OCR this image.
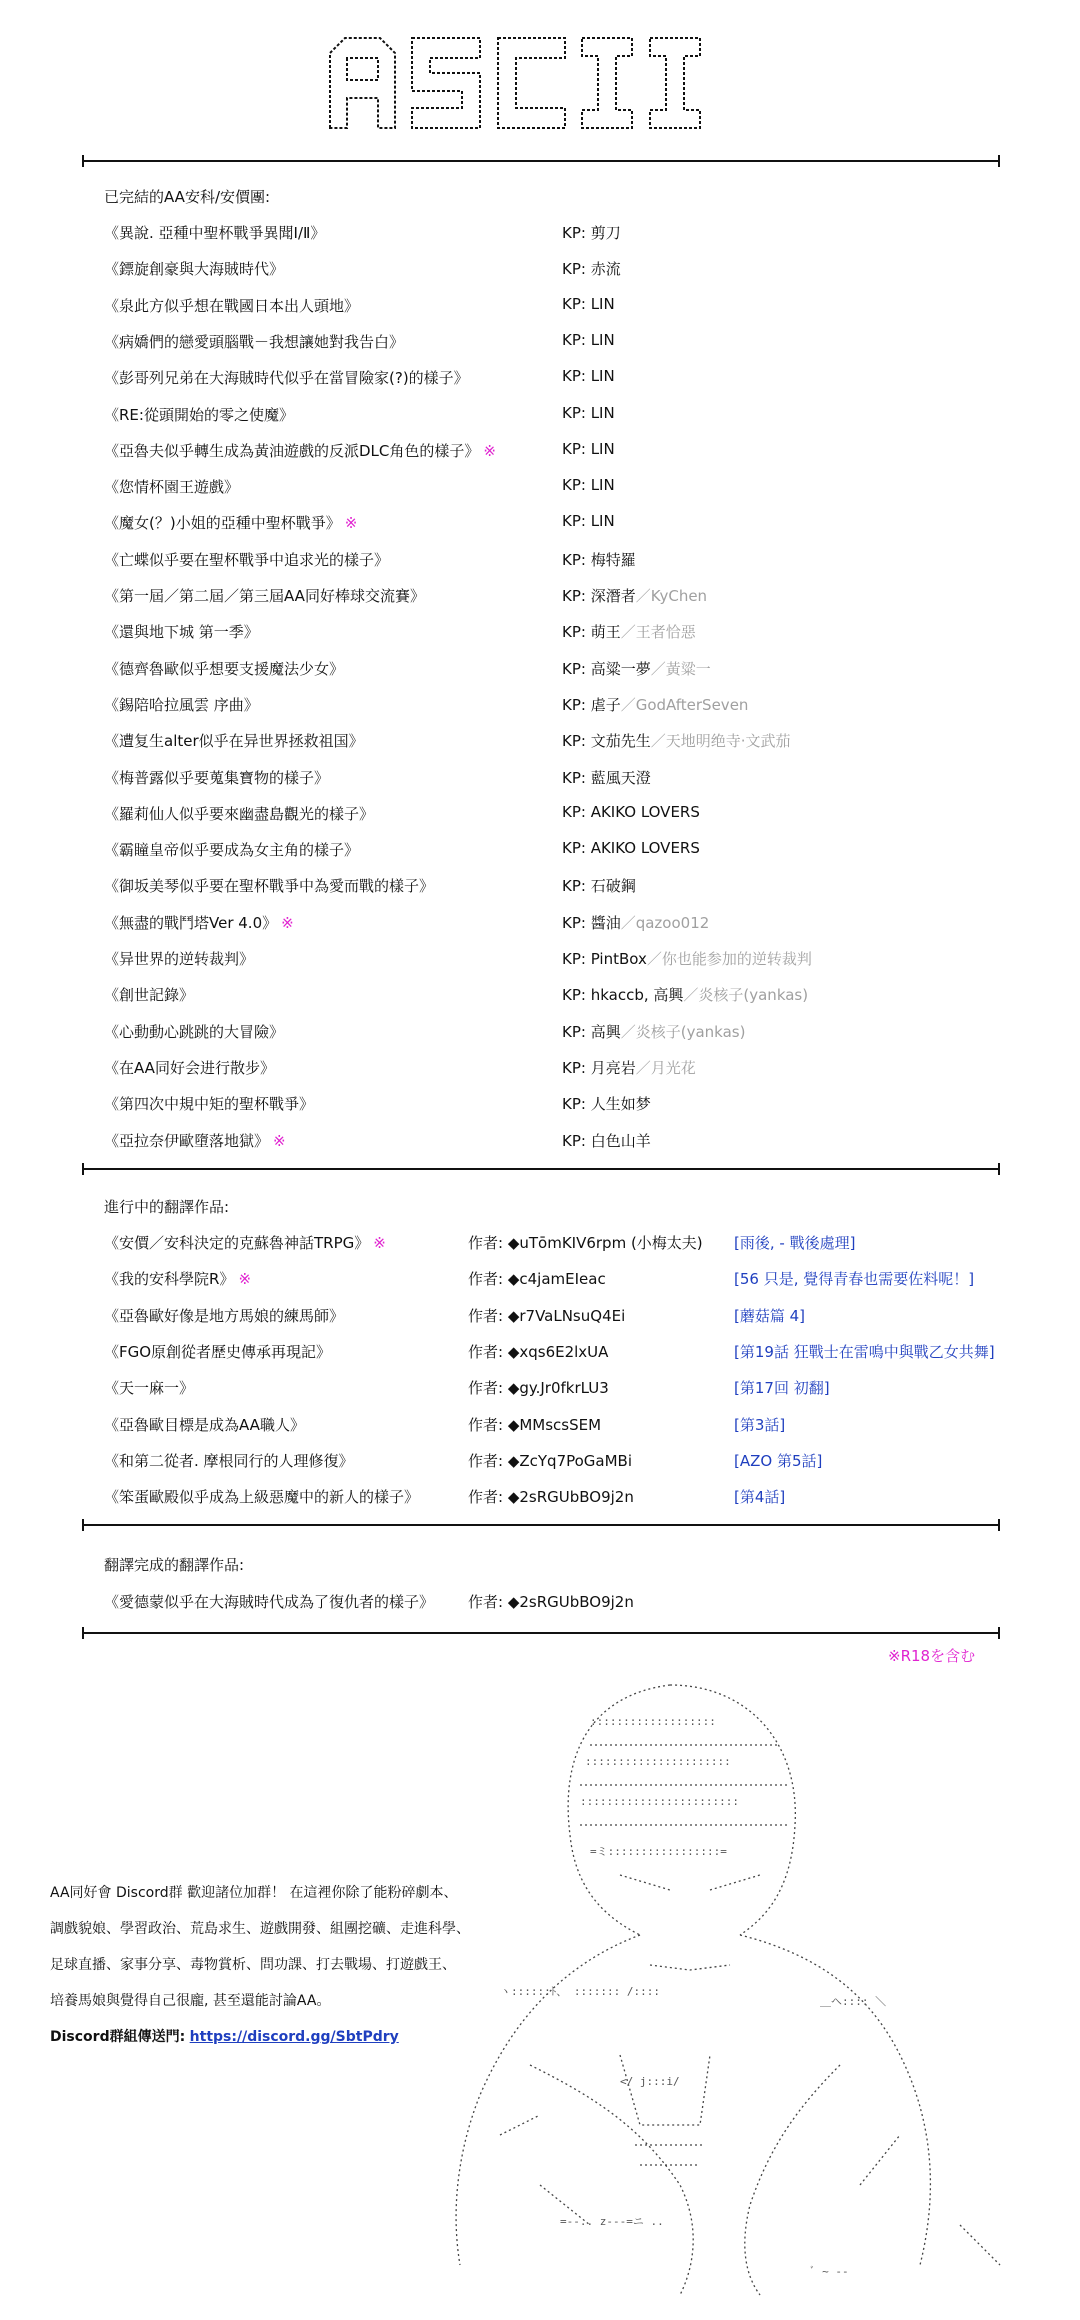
已完結的AA安科/安價團:
《異說. 亞種中聖杯戰爭異聞Ⅰ/Ⅱ》	KP: 剪刀
《鏢旋創豪與大海賊時代》	KP: 赤流
《泉此方似乎想在戰國日本出人頭地》	KP: LIN
《病嬌們的戀愛頭腦戰－我想讓她對我告白》	KP: LIN
《彭哥列兄弟在大海賊時代似乎在當冒險家(?)的樣子》	KP: LIN
《RE:從頭開始的零之使魔》	KP: LIN
《亞魯夫似乎轉生成為黃油遊戲的反派DLC角色的樣子》 ※	KP: LIN
《您情杯園王遊戲》	KP: LIN
《魔女(？)小姐的亞種中聖杯戰爭》 ※	KP: LIN
《亡蝶似乎要在聖杯戰爭中追求光的樣子》	KP: 梅特羅
《第一屆／第二屆／第三屆AA同好棒球交流賽》	KP: 深潛者／KyChen
《還與地下城 第一季》	KP: 萌王／王者恰惡
《德齊魯歐似乎想要支援魔法少女》	KP: 高粱一夢／黃粱一
《錫陪哈拉風雲 序曲》	KP: 虐子／GodAfterSeven
《遭复生alter似乎在异世界拯救祖国》	KP: 文茄先生／天地明绝寺·文武茄
《梅普露似乎要蒐集寶物的樣子》	KP: 藍風天澄
《羅莉仙人似乎要來幽盡島觀光的樣子》	KP: AKIKO LOVERS
《霸瞳皇帝似乎要成為女主角的樣子》	KP: AKIKO LOVERS
《御坂美琴似乎要在聖杯戰爭中為愛而戰的樣子》	KP: 石破鋼
《無盡的戰鬥塔Ver 4.0》 ※	KP: 醬油／qazoo012
《异世界的逆转裁判》	KP: PintBox／你也能参加的逆转裁判
《創世記錄》	KP: hkaccb, 高興／炎核子(yankas)
《心動動心跳跳的大冒險》	KP: 高興／炎核子(yankas)
《在AA同好会进行散步》	KP: 月亮岩／月光花
《第四次中規中矩的聖杯戰爭》	KP: 人生如梦
《亞拉奈伊歐墮落地獄》 ※	KP: 白色山羊
進行中的翻譯作品:
《安價／安科決定的克蘇魯神話TRPG》 ※	作者: ◆uTōmKIV6rpm (小梅太夫) [雨後, - 戰後處理]
《我的安科學院R》 ※	作者: ◆c4jamEIeac	[56 只是, 覺得青春也需要佐料呢！]
《亞魯歐好像是地方馬娘的練馬師》	作者: ◆r7VaLNsuQ4Ei	[蘑菇篇 4]
《FGO原創從者歷史傳承再現記》	作者: ◆xqs6E2lxUA	[第19話 狂戰士在雷鳴中與戰乙女共舞]
《天一麻一》	作者: ◆gy.Jr0fkrLU3	[第17回 初翻]
《亞魯歐目標是成為AA職人》	作者: ◆MMscsSEM	[第3話]
《和第二從者. 摩根同行的人理修復》	作者: ◆ZcYq7PoGaMBi	[AZO 第5話]
《笨蛋歐殿似乎成為上級惡魔中的新人的樣子》	作者: ◆2sRGUbBO9j2n	[第4話]
翻譯完成的翻譯作品:
《愛德蒙似乎在大海賊時代成為了復仇者的樣子》 作者: ◆2sRGUbBO9j2n
※R18を含む
AA同好會 Discord群 歡迎諸位加群！ 在這裡你除了能粉碎劇本、
調戲貌娘、學習政治、荒島求生、遊戲開發、組團挖礦、走進科學、
足球直播、家事分享、毒物賞析、問功課、打去戰場、打遊戲王、
培養馬娘與覺得自己很龐, 甚至還能討論AA。
Discord群組傳送門: https://discord.gg/SbtPdry
:::::::::::::::::::
::::::::::::::::::::::
::::::::::::::::::::::::
=ミ:::::::::::::::::=
ヽ::::::ﾄ、 ::::::: /::::
＿ヘ:::: ＼
</ j:::i/
=-‐.. z--‐=ニ ..
ﾞ ~ -‐
